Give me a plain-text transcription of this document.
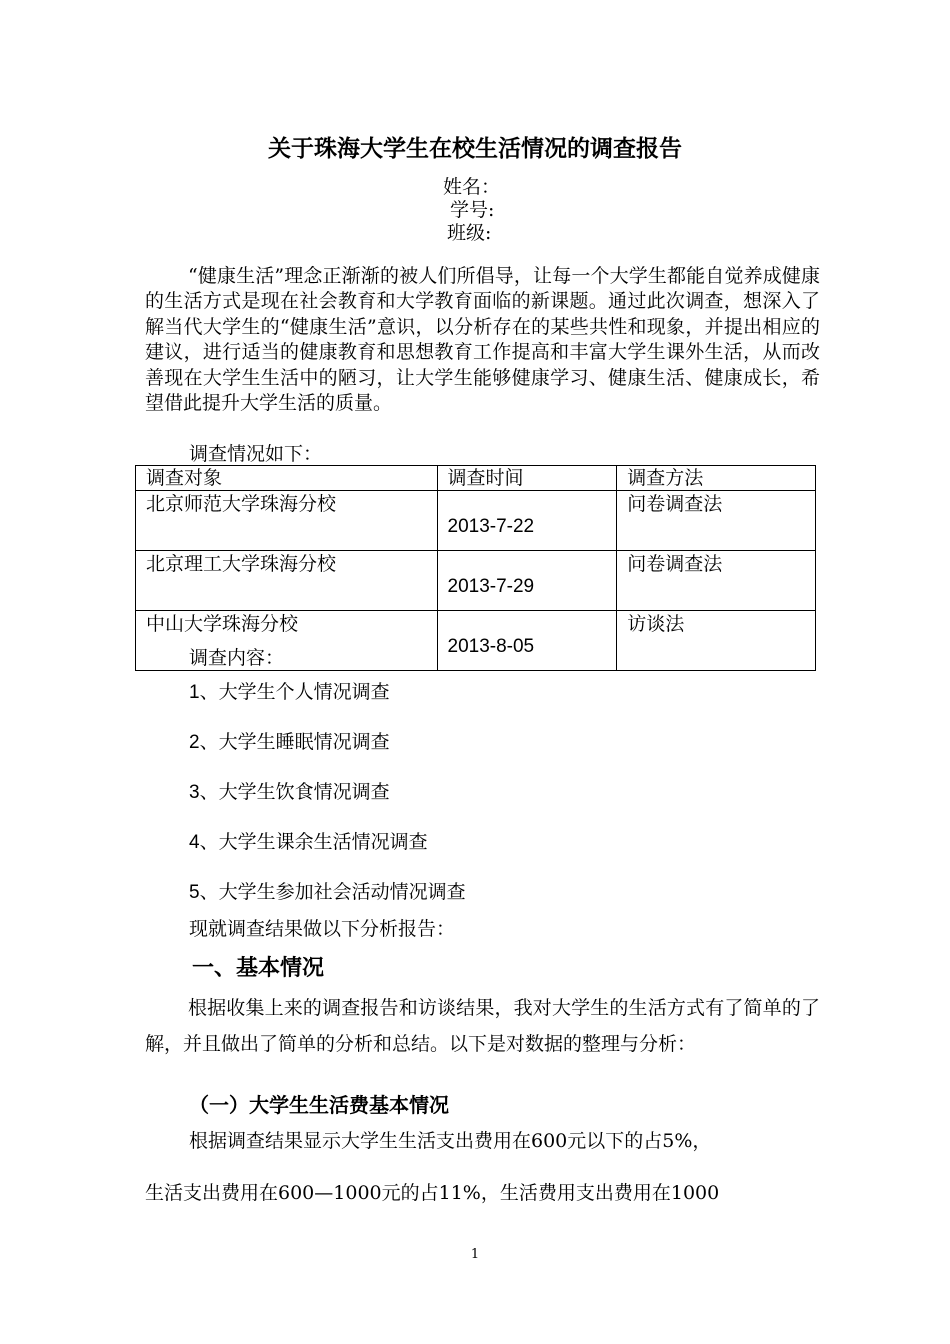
关于珠海大学生在校生活情况的调查报告
姓名：
学号:
班级:

“健康生活”理念正渐渐的被人们所倡导，让每一个大学生都能自觉养成健康的生活方式是现在社会教育和大学教育面临的新课题。通过此次调查，想深入了解当代大学生的“健康生活”意识，以分析存在的某些共性和现象，并提出相应的建议，进行适当的健康教育和思想教育工作提高和丰富大学生课外生活，从而改善现在大学生生活中的陋习，让大学生能够健康学习、健康生活、健康成长，希望借此提升大学生活的质量。

调查情况如下：
调查对象	调查时间	调查方法
北京师范大学珠海分校	2013-7-22	问卷调查法
北京理工大学珠海分校	2013-7-29	问卷调查法
中山大学珠海分校	2013-8-05	访谈法
调查内容：
1、大学生个人情况调查
2、大学生睡眠情况调查
3、大学生饮食情况调查
4、大学生课余生活情况调查
5、大学生参加社会活动情况调查
现就调查结果做以下分析报告：
一、基本情况

根据收集上来的调查报告和访谈结果，我对大学生的生活方式有了简单的了解，并且做出了简单的分析和总结。以下是对数据的整理与分析：

（一）大学生生活费基本情况
根据调查结果显示大学生生活支出费用在600元以下的占5%，
生活支出费用在600—1000元的占11%，生活费用支出费用在1000
1
